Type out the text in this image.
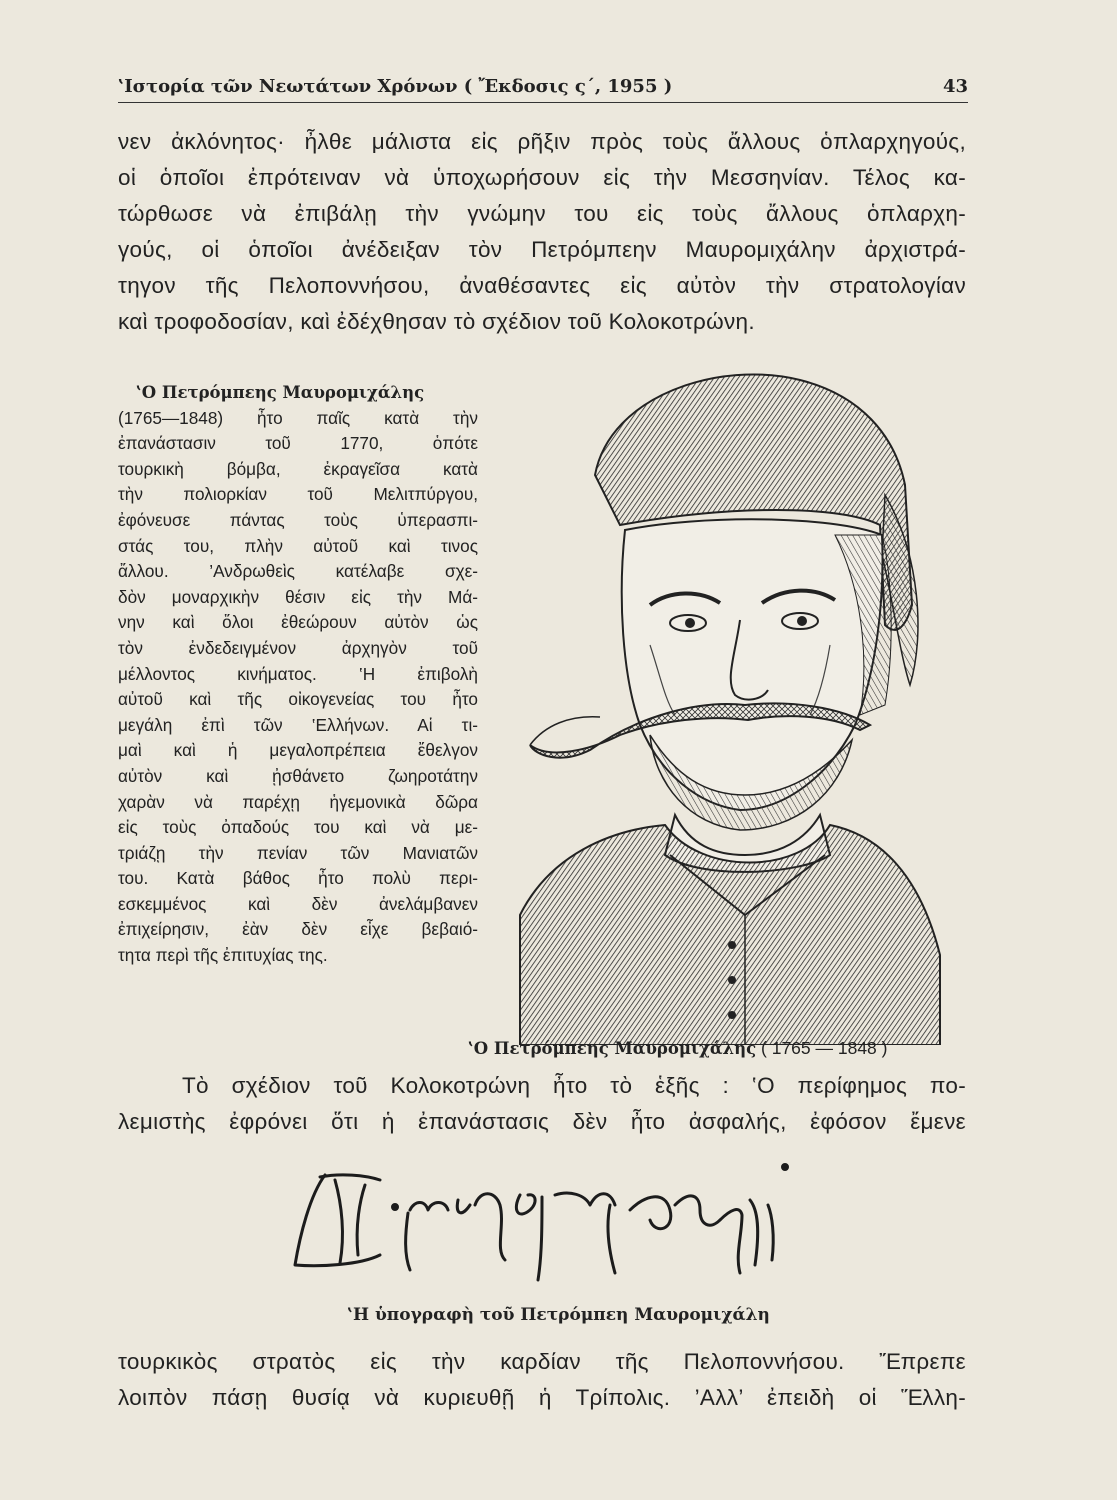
‛Ιστορία τῶν Νεωτάτων Χρόνων ( Ἔκδοσις ς΄, 1955 )	43

νεν ἀκλόνητος· ἦλθε μάλιστα εἰς ρῆξιν πρὸς τοὺς ἄλλους ὁπλαρχηγούς,
οἱ ὁποῖοι ἐπρότειναν νὰ ὑποχωρήσουν εἰς τὴν Μεσσηνίαν. Τέλος κα-
τώρθωσε νὰ ἐπιβάλῃ τὴν γνώμην του εἰς τοὺς ἄλλους ὁπλαρχη-
γούς, οἱ ὁποῖοι ἀνέδειξαν τὸν Πετρόμπεην Μαυρομιχάλην ἀρχιστρά-
τηγον τῆς Πελοποννήσου, ἀναθέσαντες εἰς αὐτὸν τὴν στρατολογίαν
καὶ τροφοδοσίαν, καὶ ἐδέχθησαν τὸ σχέδιον τοῦ Κολοκοτρώνη.

‛Ο Πετρόμπεης Μαυρομιχάλης
(1765—1848) ἦτο παῖς κατὰ τὴν
ἐπανάστασιν τοῦ 1770, ὁπότε
τουρκικὴ βόμβα, ἐκραγεῖσα κατὰ
τὴν πολιορκίαν τοῦ Μελιτπύργου,
ἐφόνευσε πάντας τοὺς ὑπερασπι-
στάς του, πλὴν αὐτοῦ καὶ τινος
ἄλλου. ’Ανδρωθεὶς κατέλαβε σχε-
δὸν μοναρχικὴν θέσιν εἰς τὴν Μά-
νην καὶ ὅλοι ἐθεώρουν αὐτὸν ὡς
τὸν ἐνδεδειγμένον ἀρχηγὸν τοῦ
μέλλοντος κινήματος. ‛Η ἐπιβολὴ
αὐτοῦ καὶ τῆς οἰκογενείας του ἦτο
μεγάλη ἐπὶ τῶν ‛Ελλήνων. Αἱ τι-
μαὶ καὶ ἡ μεγαλοπρέπεια ἔθελγον
αὐτὸν καὶ ᾐσθάνετο ζωηροτάτην
χαρὰν νὰ παρέχῃ ἡγεμονικὰ δῶρα
εἰς τοὺς ὀπαδούς του καὶ νὰ με-
τριάζῃ τὴν πενίαν τῶν Μανιατῶν
του. Κατὰ βάθος ἦτο πολὺ περι-
εσκεμμένος καὶ δὲν ἀνελάμβανεν
ἐπιχείρησιν, ἐὰν δὲν εἶχε βεβαιό-
τητα περὶ τῆς ἐπιτυχίας της.
‛Ο Πετρόμπεης Μαυρομιχάλης ( 1765 — 1848 )

Τὸ σχέδιον τοῦ Κολοκοτρώνη ἦτο τὸ ἑξῆς : ‛Ο περίφημος πο-
λεμιστὴς ἐφρόνει ὅτι ἡ ἐπανάστασις δὲν ἦτο ἀσφαλής, ἐφόσον ἔμενε

‛Η ὑπογραφὴ τοῦ Πετρόμπεη Μαυρομιχάλη

τουρκικὸς στρατὸς εἰς τὴν καρδίαν τῆς Πελοποννήσου. Ἔπρεπε
λοιπὸν πάσῃ θυσίᾳ νὰ κυριευθῇ ἡ Τρίπολις. ’Αλλ’ ἐπειδὴ οἱ Ἕλλη-
